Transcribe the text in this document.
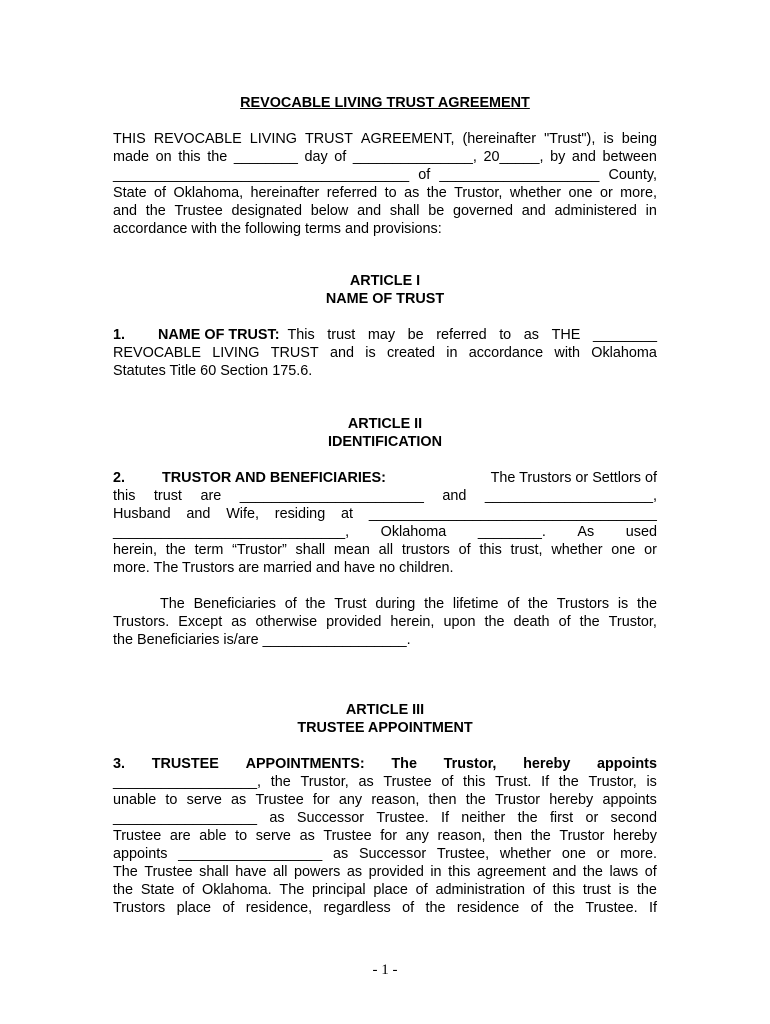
REVOCABLE LIVING TRUST AGREEMENT
THIS REVOCABLE LIVING TRUST AGREEMENT, (hereinafter "Trust"), is being
made on this the ________ day of _______________, 20_____, by and between
_____________________________________ of ____________________ County,
State of Oklahoma, hereinafter referred to as the Trustor, whether one or more,
and the Trustee designated below and shall be governed and administered in
accordance with the following terms and provisions:
ARTICLE I
NAME OF TRUST
1.	NAME OF TRUST: This trust may be referred to as THE ________
REVOCABLE LIVING TRUST and is created in accordance with Oklahoma
Statutes Title 60 Section 175.6.
ARTICLE II
IDENTIFICATION
2.	TRUSTOR AND BENEFICIARIES:	The Trustors or Settlors of
this trust are _______________________ and _____________________,
Husband and Wife, residing at ____________________________________
_____________________________, Oklahoma ________. As used
herein, the term “Trustor” shall mean all trustors of this trust, whether one or
more. The Trustors are married and have no children.
The Beneficiaries of the Trust during the lifetime of the Trustors is the
Trustors. Except as otherwise provided herein, upon the death of the Trustor,
the Beneficiaries is/are __________________.
ARTICLE III
TRUSTEE APPOINTMENT
3. TRUSTEE APPOINTMENTS: The Trustor, hereby appoints
__________________, the Trustor, as Trustee of this Trust. If the Trustor, is
unable to serve as Trustee for any reason, then the Trustor hereby appoints
__________________ as Successor Trustee. If neither the first or second
Trustee are able to serve as Trustee for any reason, then the Trustor hereby
appoints __________________ as Successor Trustee, whether one or more.
The Trustee shall have all powers as provided in this agreement and the laws of
the State of Oklahoma. The principal place of administration of this trust is the
Trustors place of residence, regardless of the residence of the Trustee. If
- 1 -
